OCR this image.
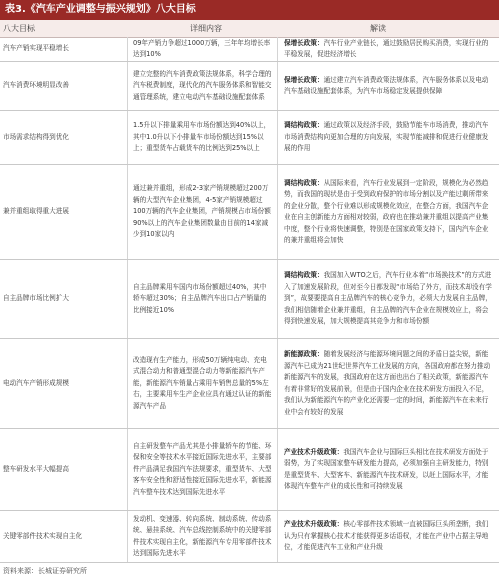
表3.《汽车产业调整与振兴规划》八大目标
八大目标	详细内容	解读
汽车产销实现平稳增长
09年产销力争超过1000万辆，三年年均增长率达到10%
保增长政策：汽车行业产业链长，通过鼓励居民购买消费，实现行业的平稳发展，促进经济增长
汽车消费环境明显改善
建立完整的汽车消费政策法规体系，科学合理的汽车税费制度，现代化的汽车服务体系和智能交通管理系统，建立电动汽车基础设施配套体系
保增长政策：通过建立汽车消费政策法规体系，汽车服务体系以及电动汽车基础设施配套体系，为汽车市场稳定发展提供保障
市场需求结构得到优化
1.5升以下排量乘用车市场份额达到40%以上，其中1.0升以下小排量车市场份额达到15%以上；重型货车占载货车的比例达到25%以上
调结构政策：通过政策以及经济手段，鼓励节能车市场消费，推动汽车市场消费结构向更加合理的方向发展，实现节能减排和促进行业健康发展的作用
兼并重组取得重大进展
通过兼并重组，形成2-3家产销规模超过200万辆的大型汽车企业集团，4-5家产销规模超过100万辆的汽车企业集团，产销规模占市场份额90%以上的汽车企业集团数量由目前的14家减少到10家以内
调结构政策：从国际来看，汽车行业发展到一定阶段，规模化为必然趋势，而我国的现状是由于受到政府保护的市场分割以及产能过剩所带来的企业分散，整个行业难以形成规模化效应，在整合方面，我国汽车企业在自主创新能力方面相对较弱，政府也在推动兼并重组以提高产业集中度，整个行业将快速调整，特别是在国家政策支持下，国内汽车企业的兼并重组将会加快
自主品牌市场比例扩大
自主品牌乘用车国内市场份额超过40%，其中轿车超过30%；自主品牌汽车出口占产销量的比例接近10%
调结构政策：我国加入WTO之后，汽车行业本着“市场换技术”的方式进入了加速发展阶段，但对至今日都发现“市场给了外方，而技术却没有学到”，故要要提高自主品牌汽车的核心竞争力，必须大力发展自主品牌，我们相信随着企业兼并重组，自主品牌的汽车企业在规模效应上，将会得到快速发展，加大规模提高其竞争力和市场份额
电动汽车产销形成规模
改造现有生产能力，形成50万辆纯电动、充电式混合动力和普通型混合动力等新能源汽车产能，新能源汽车销量占乘用车销售总量的5%左右，主要乘用车生产企业应具有通过认证的新能源汽车产品
新能源政策：随着发展经济与能源环境问题之间的矛盾日益尖锐，新能源汽车已成为21世纪世界汽车工业发展的方向，各国政府都在努力推动新能源汽车的发展，我国政府在这方面也出台了相关政策，新能源汽车有着非常好的发展前景，但是由于国内企业在技术研发方面投入不足，我们认为新能源汽车的产业化还需要一定的时间，新能源汽车在未来行业中会有较好的发展
整车研发水平大幅提高
自主研发整车产品尤其是小排量轿车的节能、环保和安全等技术水平接近国际先进水平，主要部件产品满足我国汽车法规要求，重型货车、大型客车安全性和舒适性接近国际先进水平，新能源汽车整车技术达到国际先进水平
产业技术升级政策：我国汽车企业与国际巨头相比在技术研发方面处于弱势，为了实现国家整车研发能力提高，必须加强自主研发能力，特别是重型货车、大型客车、新能源汽车技术研发，以赶上国际水平，才能体现汽车整车产业的成长性和可持续发展
关键零部件技术实现自主化
发动机、变速器、转向系统、制动系统、传动系统、悬挂系统、汽车总线控制系统中的关键零部件技术实现自主化，新能源汽车专用零部件技术达到国际先进水平
产业技术升级政策：核心零部件技术领域一直被国际巨头所垄断，我们认为只有掌握核心技术才能获得更多话语权，才能在产业中占据主导地位，才能促进汽车工业和产业升级
资料来源：长城证券研究所
